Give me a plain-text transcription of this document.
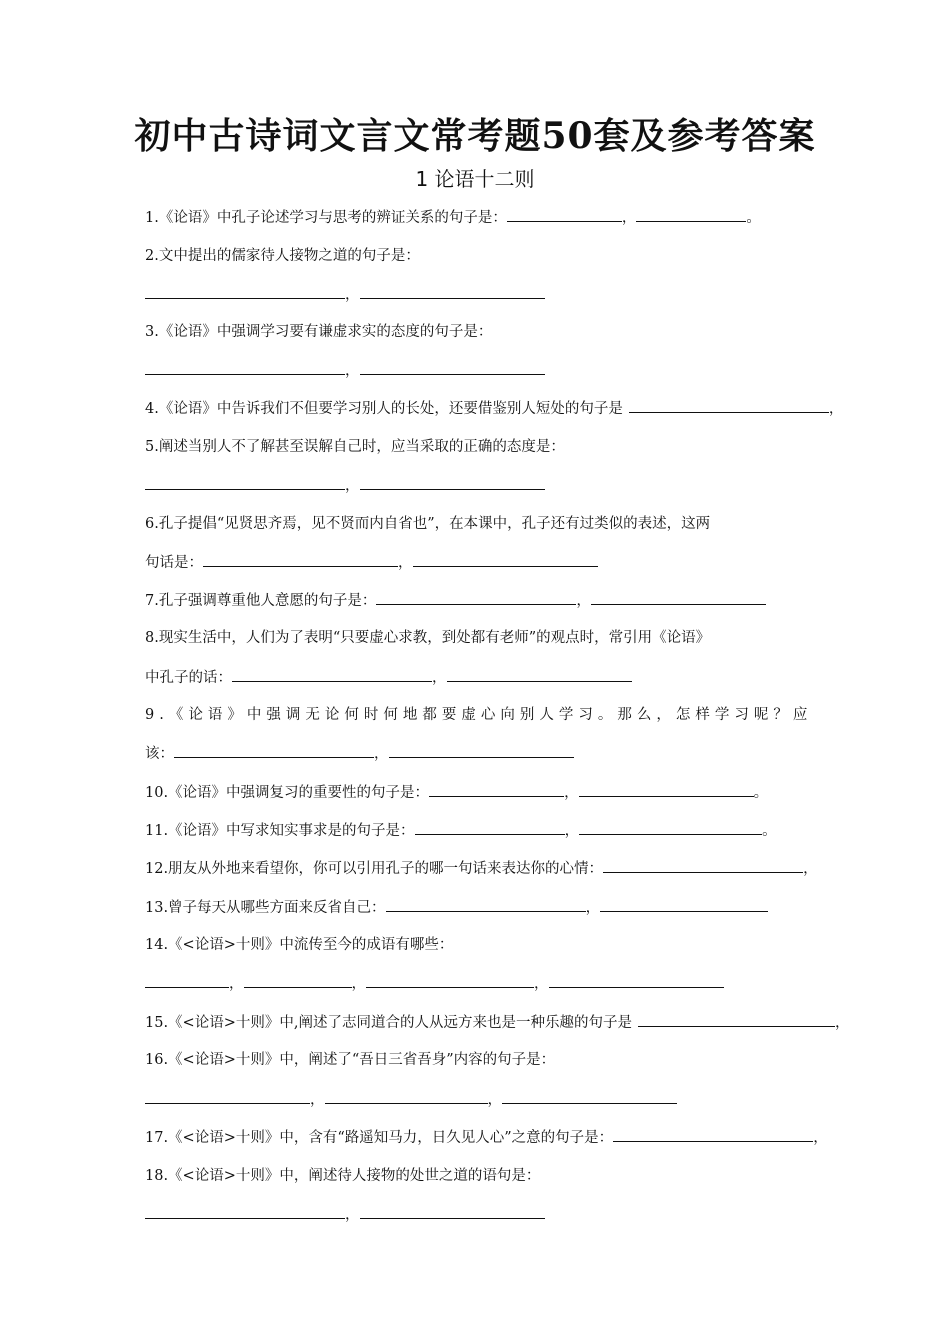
初中古诗词文言文常考题50套及参考答案
1 论语十二则
1.《论语》中孔子论述学习与思考的辨证关系的句子是：	，	。
2.文中提出的儒家待人接物之道的句子是：
，
3.《论语》中强调学习要有谦虚求实的态度的句子是：
，
4.《论语》中告诉我们不但要学习别人的长处，还要借鉴别人短处的句子是	，
5.阐述当别人不了解甚至误解自己时，应当采取的正确的态度是：
，
6.孔子提倡“见贤思齐焉，见不贤而内自省也”，在本课中，孔子还有过类似的表述，这两
句话是：	，
7.孔子强调尊重他人意愿的句子是：	，
8.现实生活中，人们为了表明“只要虚心求教，到处都有老师”的观点时，常引用《论语》
中孔子的话：	，
9.《论语》中强调无论何时何地都要虚心向别人学习。那么，怎样学习呢？应
该：	，
10.《论语》中强调复习的重要性的句子是：	，	。
11.《论语》中写求知实事求是的句子是：	，	。
12.朋友从外地来看望你，你可以引用孔子的哪一句话来表达你的心情：	，
13.曾子每天从哪些方面来反省自己：	，
14.《<论语>十则》中流传至今的成语有哪些：
，	，	，
15.《<论语>十则》中,阐述了志同道合的人从远方来也是一种乐趣的句子是	，
16.《<论语>十则》中，阐述了“吾日三省吾身”内容的句子是：
，	，
17.《<论语>十则》中，含有“路遥知马力，日久见人心”之意的句子是：	，
18.《<论语>十则》中，阐述待人接物的处世之道的语句是：
，
